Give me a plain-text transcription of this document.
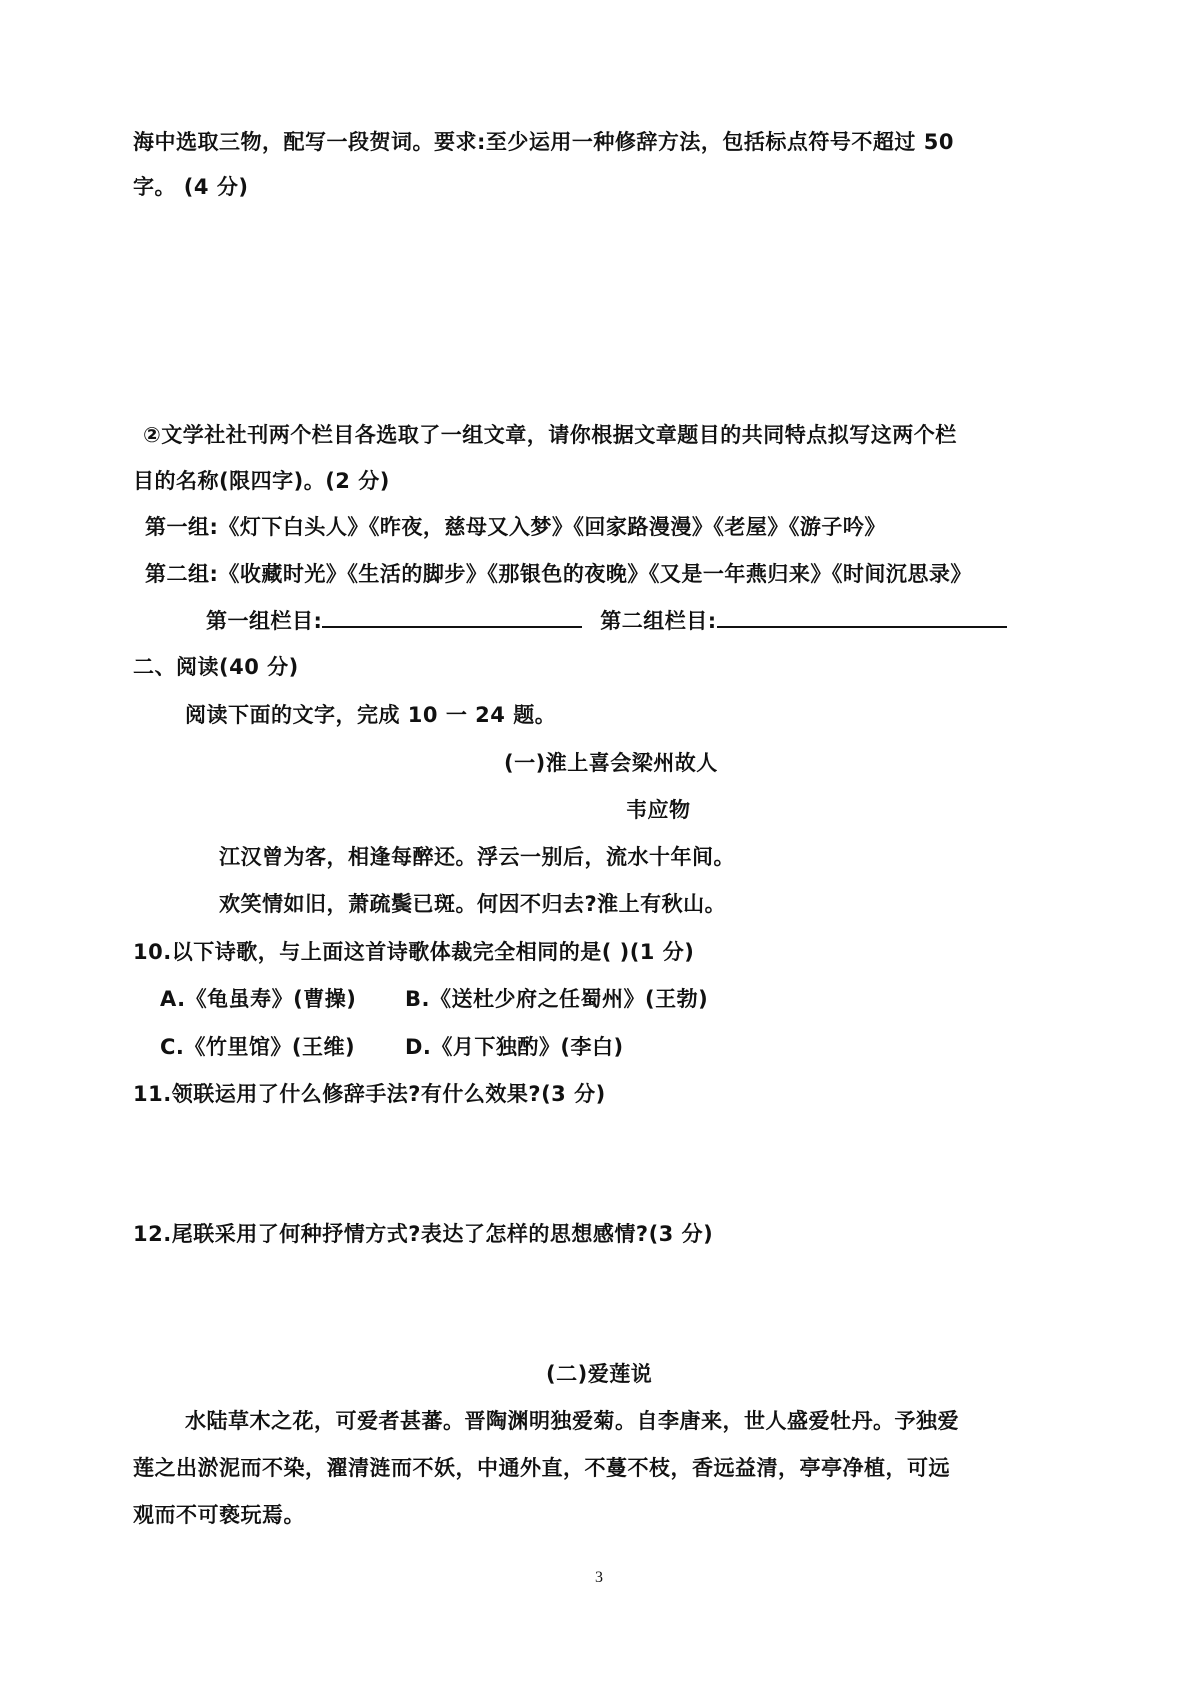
海中选取三物，配写一段贺词。要求:至少运用一种修辞方法，包括标点符号不超过 50
字。 (4 分)
②文学社社刊两个栏目各选取了一组文章，请你根据文章题目的共同特点拟写这两个栏
目的名称(限四字)。(2 分)
第一组:《灯下白头人》《昨夜，慈母又入梦》《回家路漫漫》《老屋》《游子吟》
第二组:《收藏时光》《生活的脚步》《那银色的夜晚》《又是一年燕归来》《时间沉思录》
第一组栏目:	第二组栏目:
二、阅读(40 分)
阅读下面的文字，完成 10 一 24 题。
(一)淮上喜会梁州故人
韦应物
江汉曾为客，相逢每醉还。浮云一别后，流水十年间。
欢笑情如旧，萧疏鬓已斑。何因不归去?淮上有秋山。
10.以下诗歌，与上面这首诗歌体裁完全相同的是( )(1 分)
A.《龟虽寿》(曹操) B.《送杜少府之任蜀州》(王勃)
C.《竹里馆》(王维) D.《月下独酌》(李白)
11.领联运用了什么修辞手法?有什么效果?(3 分)
12.尾联采用了何种抒情方式?表达了怎样的思想感情?(3 分)
(二)爱莲说
水陆草木之花，可爱者甚蕃。晋陶渊明独爱菊。自李唐来，世人盛爱牡丹。予独爱
莲之出淤泥而不染，濯清涟而不妖，中通外直，不蔓不枝，香远益清，亭亭净植，可远
观而不可亵玩焉。
3
